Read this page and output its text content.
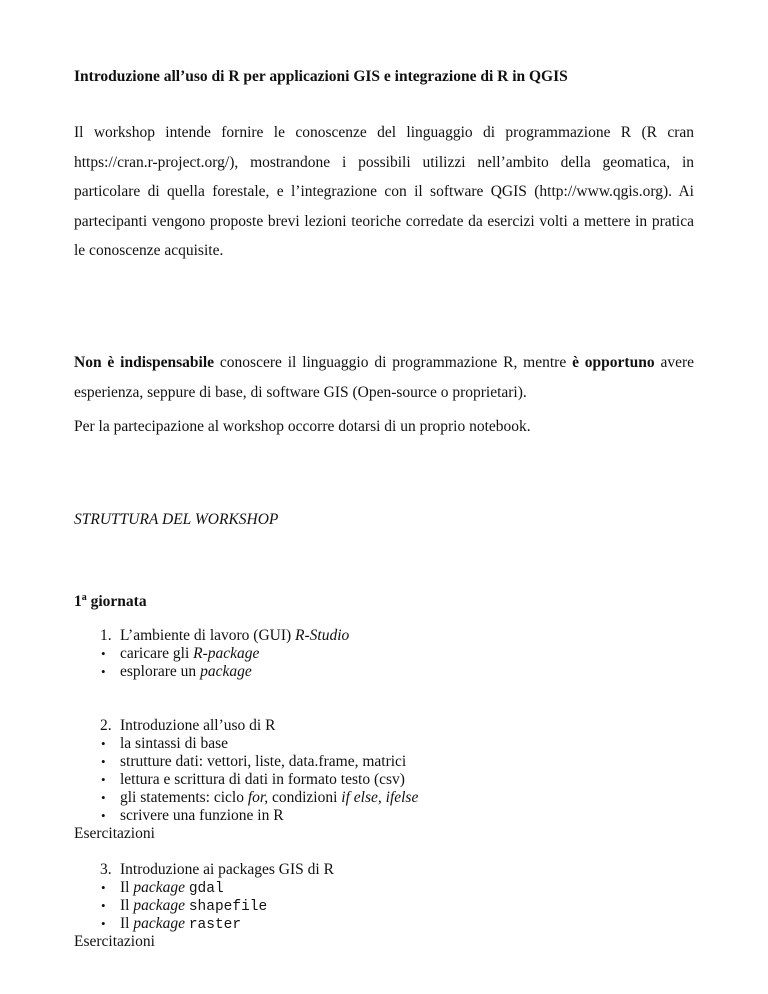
Introduzione all’uso di R per applicazioni GIS e integrazione di R in QGIS

Il workshop intende fornire le conoscenze del linguaggio di programmazione R (R cran https://cran.r-project.org/), mostrandone i possibili utilizzi nell’ambito della geomatica, in particolare di quella forestale, e l’integrazione con il software QGIS (http://www.qgis.org). Ai partecipanti vengono proposte brevi lezioni teoriche corredate da esercizi volti a mettere in pratica le conoscenze acquisite.

Non è indispensabile conoscere il linguaggio di programmazione R, mentre è opportuno avere esperienza, seppure di base, di software GIS (Open-source o proprietari).

Per la partecipazione al workshop occorre dotarsi di un proprio notebook.
STRUTTURA DEL WORKSHOP
1$^a$ giornata
1. L’ambiente di lavoro (GUI) R-Studio
• caricare gli R-package
• esplorare un package
2. Introduzione all’uso di R
• la sintassi di base
• strutture dati: vettori, liste, data.frame, matrici
• lettura e scrittura di dati in formato testo (csv)
• gli statements: ciclo for, condizioni if else, ifelse
• scrivere una funzione in R
Esercitazioni
3. Introduzione ai packages GIS di R
• Il package gdal
• Il package shapefile
• Il package raster
Esercitazioni
